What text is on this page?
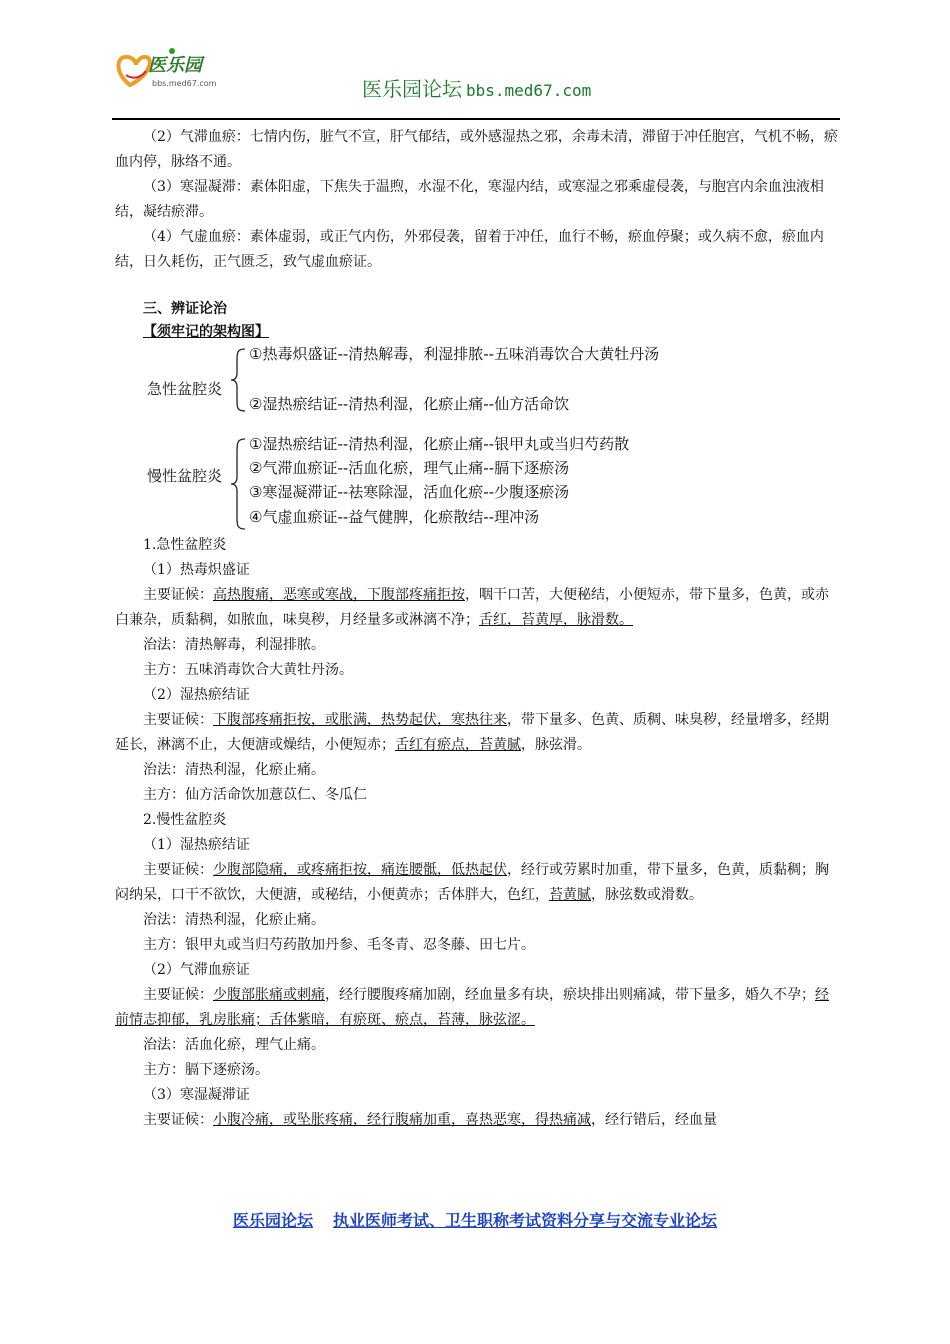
医乐园
bbs.med67.com	医乐园论坛 bbs.med67.com

（2）气滞血瘀：七情内伤，脏气不宣，肝气郁结，或外感湿热之邪，余毒未清，滞留于冲任胞宫，气机不畅，瘀血内停，脉络不通。

（3）寒湿凝滞：素体阳虚，下焦失于温煦，水湿不化，寒湿内结，或寒湿之邪乘虚侵袭，与胞宫内余血浊液相结，凝结瘀滞。

（4）气虚血瘀：素体虚弱，或正气内伤，外邪侵袭，留着于冲任，血行不畅，瘀血停聚；或久病不愈，瘀血内结，日久耗伤，正气匮乏，致气虚血瘀证。

三、辨证论治

【须牢记的架构图】

急性盆腔炎
①热毒炽盛证--清热解毒，利湿排脓--五味消毒饮合大黄牡丹汤
②湿热瘀结证--清热利湿，化瘀止痛--仙方活命饮
慢性盆腔炎
①湿热瘀结证--清热利湿，化瘀止痛--银甲丸或当归芍药散
②气滞血瘀证--活血化瘀，理气止痛--膈下逐瘀汤
③寒湿凝滞证--祛寒除湿，活血化瘀--少腹逐瘀汤
④气虚血瘀证--益气健脾，化瘀散结--理冲汤

1.急性盆腔炎

（1）热毒炽盛证

主要证候：高热腹痛，恶寒或寒战，下腹部疼痛拒按，咽干口苦，大便秘结，小便短赤，带下量多，色黄，或赤白兼杂，质黏稠，如脓血，味臭秽，月经量多或淋漓不净；舌红，苔黄厚，脉滑数。

治法：清热解毒，利湿排脓。

主方：五味消毒饮合大黄牡丹汤。

（2）湿热瘀结证

主要证候：下腹部疼痛拒按，或胀满，热势起伏，寒热往来，带下量多、色黄、质稠、味臭秽，经量增多，经期延长，淋漓不止，大便溏或燥结，小便短赤；舌红有瘀点，苔黄腻，脉弦滑。

治法：清热利湿，化瘀止痛。

主方：仙方活命饮加薏苡仁、冬瓜仁

2.慢性盆腔炎

（1）湿热瘀结证

主要证候：少腹部隐痛，或疼痛拒按，痛连腰骶，低热起伏，经行或劳累时加重，带下量多，色黄，质黏稠；胸闷纳呆，口干不欲饮，大便溏，或秘结，小便黄赤；舌体胖大，色红，苔黄腻，脉弦数或滑数。

治法：清热利湿，化瘀止痛。

主方：银甲丸或当归芍药散加丹参、毛冬青、忍冬藤、田七片。

（2）气滞血瘀证

主要证候：少腹部胀痛或刺痛，经行腰腹疼痛加剧，经血量多有块，瘀块排出则痛减，带下量多，婚久不孕；经前情志抑郁，乳房胀痛；舌体紫暗，有瘀斑、瘀点，苔薄，脉弦涩。

治法：活血化瘀，理气止痛。

主方：膈下逐瘀汤。

（3）寒湿凝滞证

主要证候：小腹冷痛，或坠胀疼痛，经行腹痛加重，喜热恶寒，得热痛减，经行错后，经血量

医乐园论坛 执业医师考试、卫生职称考试资料分享与交流专业论坛
